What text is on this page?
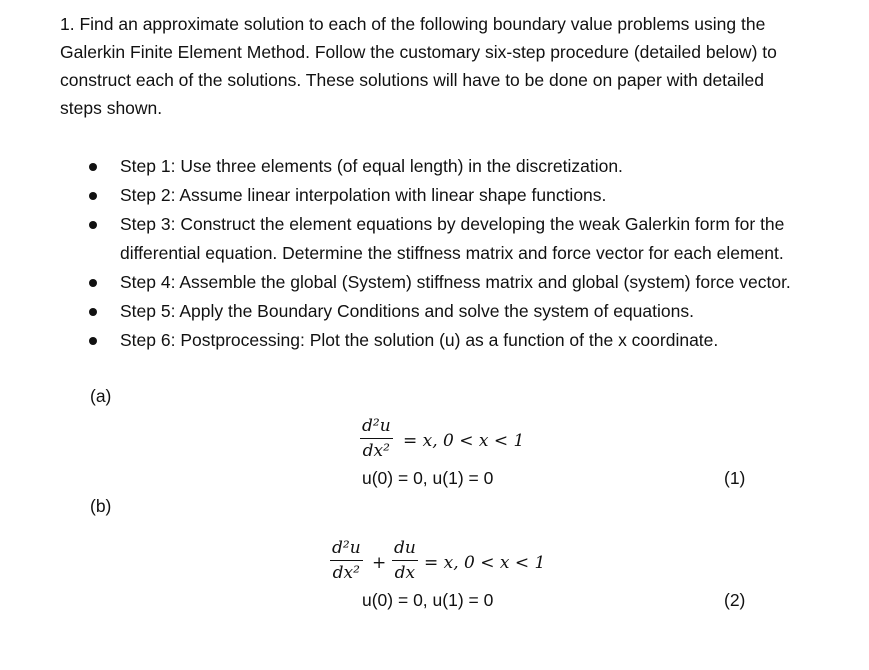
1. Find an approximate solution to each of the following boundary value problems using the

Galerkin Finite Element Method. Follow the customary six-step procedure (detailed below) to

construct each of the solutions. These solutions will have to be done on paper with detailed

steps shown.

Step 1: Use three elements (of equal length) in the discretization.
Step 2: Assume linear interpolation with linear shape functions.
Step 3: Construct the element equations by developing the weak Galerkin form for the
differential equation. Determine the stiffness matrix and force vector for each element.
Step 4: Assemble the global (System) stiffness matrix and global (system) force vector.
Step 5: Apply the Boundary Conditions and solve the system of equations.
Step 6: Postprocessing: Plot the solution (u) as a function of the x coordinate.
(a)
d²u
dx² = x, 0 < x < 1
u(0) = 0, u(1) = 0	(1)
(b)
d²u
dx² +
du
dx = x, 0 < x < 1
u(0) = 0, u(1) = 0	(2)
